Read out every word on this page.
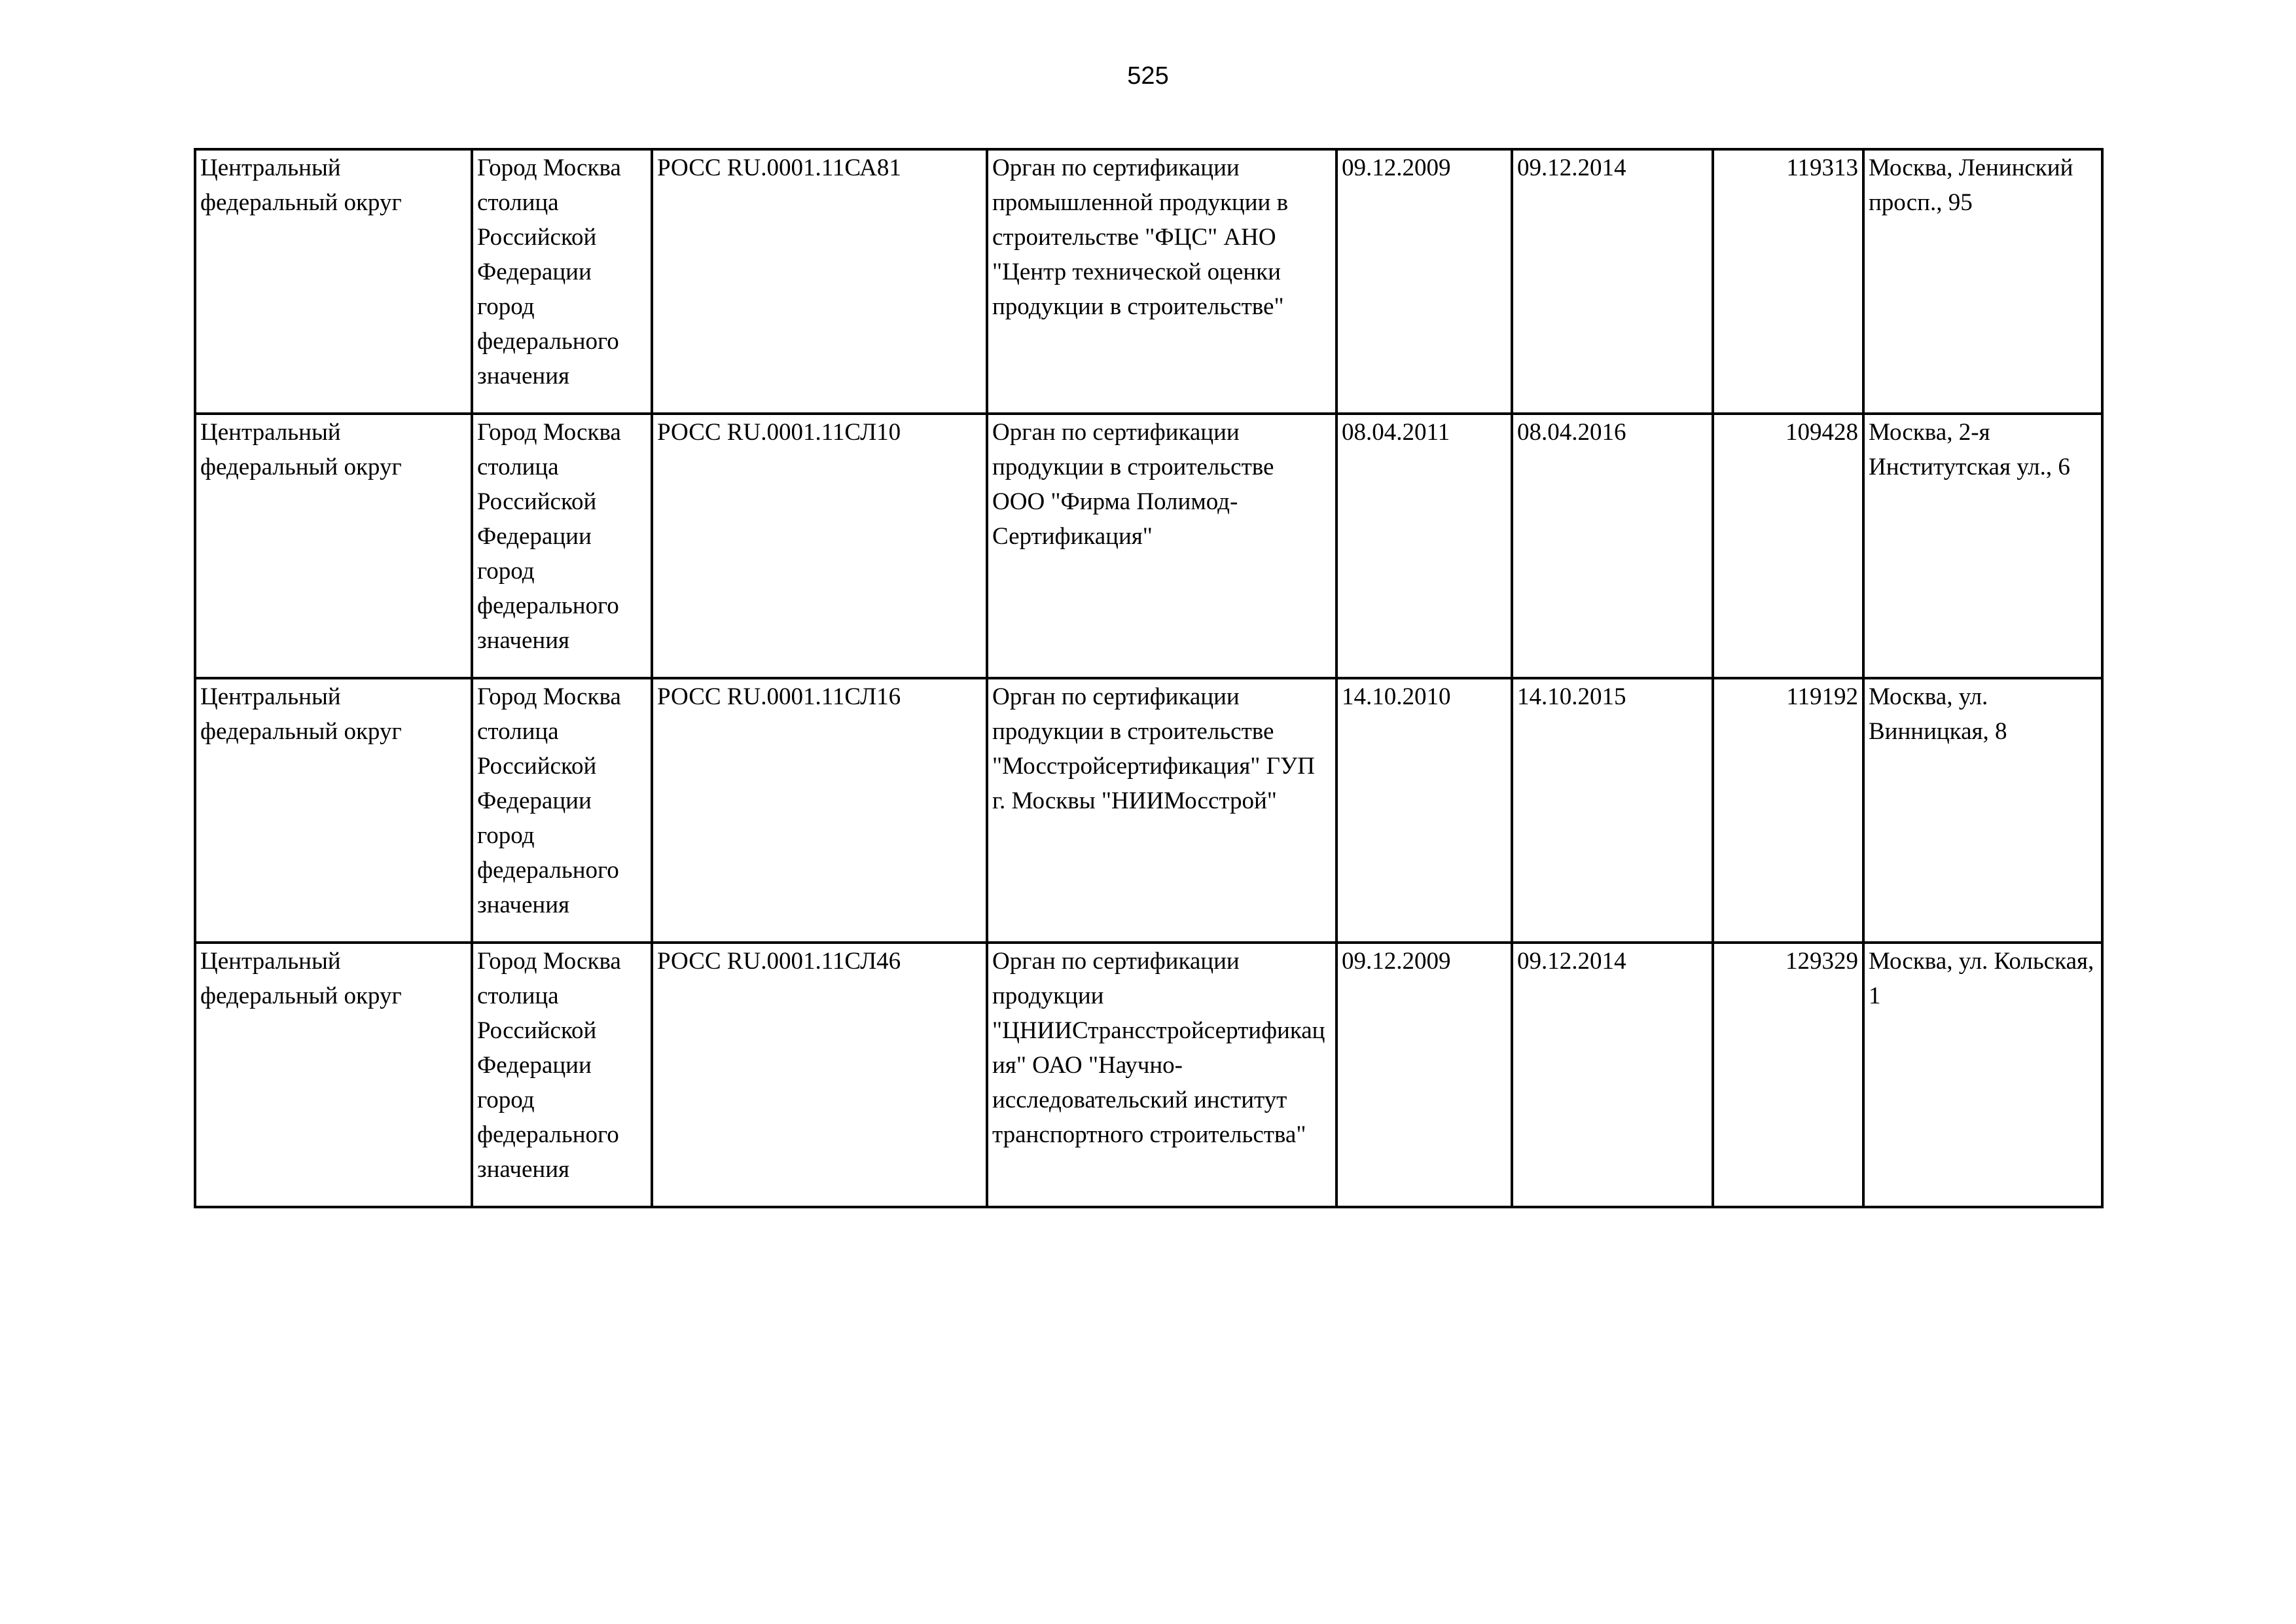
525
Центральный федеральный округ	Город Москва столица Российской Федерации город федерального значения	РОСС RU.0001.11СА81	Орган по сертификации промышленной продукции в строительстве "ФЦС" АНО "Центр технической оценки продукции в строительстве"	09.12.2009	09.12.2014	119313	Москва, Ленинский просп., 95

Центральный федеральный округ	Город Москва столица Российской Федерации город федерального значения	РОСС RU.0001.11СЛ10	Орган по сертификации продукции в строительстве ООО "Фирма Полимод-Сертификация"	08.04.2011	08.04.2016	109428	Москва, 2-я Институтская ул., 6

Центральный федеральный округ	Город Москва столица Российской Федерации город федерального значения	РОСС RU.0001.11СЛ16	Орган по сертификации продукции в строительстве "Мосстройсертификация" ГУП г. Москвы "НИИМосстрой"	14.10.2010	14.10.2015	119192	Москва, ул. Винницкая, 8

Центральный федеральный округ	Город Москва столица Российской Федерации город федерального значения	РОСС RU.0001.11СЛ46	Орган по сертификации продукции "ЦНИИСтрансстройсертификация" ОАО "Научно-исследовательский институт транспортного строительства"	09.12.2009	09.12.2014	129329	Москва, ул. Кольская, 1
